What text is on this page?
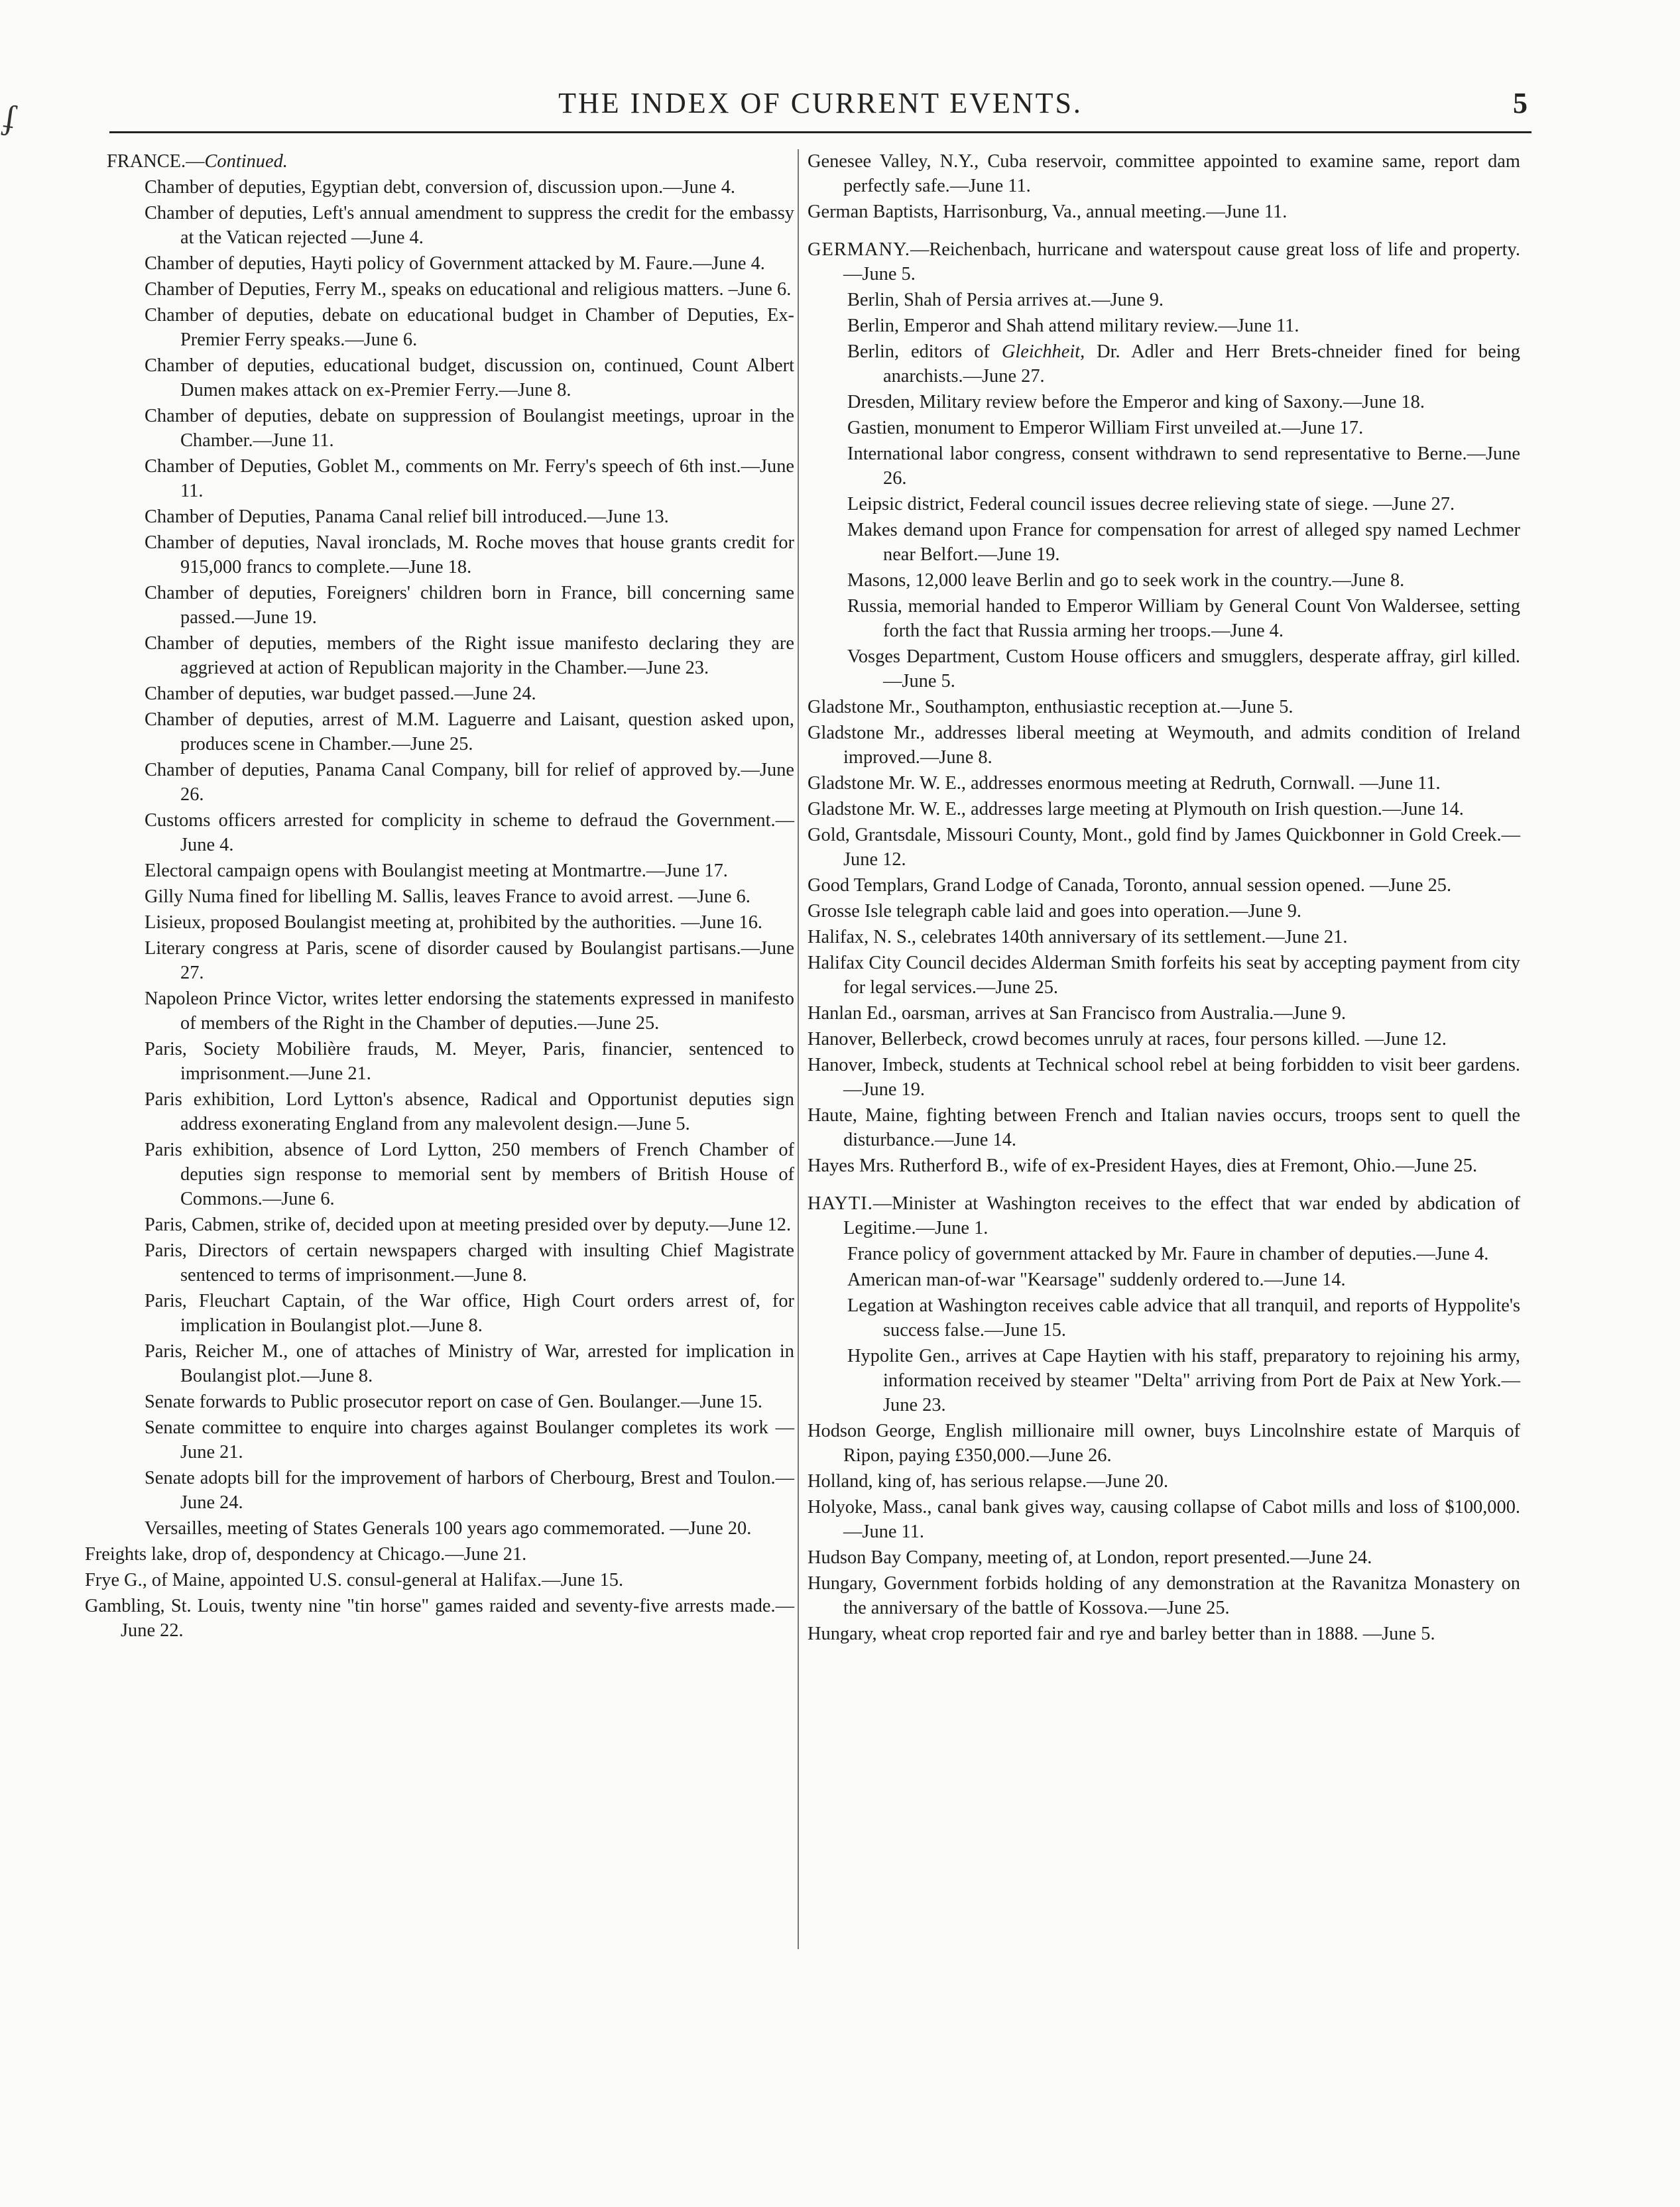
ʄ	THE INDEX OF CURRENT EVENTS.	5

FRANCE.—Continued.

Chamber of deputies, Egyptian debt, conversion of, discussion upon.—June 4.

Chamber of deputies, Left's annual amendment to suppress the credit for the embassy at the Vatican rejected —June 4.

Chamber of deputies, Hayti policy of Government attacked by M. Faure.—June 4.

Chamber of Deputies, Ferry M., speaks on educational and religious matters. –June 6.

Chamber of deputies, debate on educational budget in Chamber of Deputies, Ex-Premier Ferry speaks.—June 6.

Chamber of deputies, educational budget, discussion on, continued, Count Albert Dumen makes attack on ex-Premier Ferry.—June 8.

Chamber of deputies, debate on suppression of Boulangist meetings, uproar in the Chamber.—June 11.

Chamber of Deputies, Goblet M., comments on Mr. Ferry's speech of 6th inst.—June 11.

Chamber of Deputies, Panama Canal relief bill introduced.—June 13.

Chamber of deputies, Naval ironclads, M. Roche moves that house grants credit for 915,000 francs to complete.—June 18.

Chamber of deputies, Foreigners' children born in France, bill concerning same passed.—June 19.

Chamber of deputies, members of the Right issue manifesto declaring they are aggrieved at action of Republican majority in the Chamber.—June 23.

Chamber of deputies, war budget passed.—June 24.

Chamber of deputies, arrest of M.M. Laguerre and Laisant, question asked upon, produces scene in Chamber.—June 25.

Chamber of deputies, Panama Canal Company, bill for relief of approved by.—June 26.

Customs officers arrested for complicity in scheme to defraud the Government.—June 4.

Electoral campaign opens with Boulangist meeting at Montmartre.—June 17.

Gilly Numa fined for libelling M. Sallis, leaves France to avoid arrest. —June 6.

Lisieux, proposed Boulangist meeting at, prohibited by the authorities. —June 16.

Literary congress at Paris, scene of disorder caused by Boulangist partisans.—June 27.

Napoleon Prince Victor, writes letter endorsing the statements expressed in manifesto of members of the Right in the Chamber of deputies.—June 25.

Paris, Society Mobilière frauds, M. Meyer, Paris, financier, sentenced to imprisonment.—June 21.

Paris exhibition, Lord Lytton's absence, Radical and Opportunist deputies sign address exonerating England from any malevolent design.—June 5.

Paris exhibition, absence of Lord Lytton, 250 members of French Chamber of deputies sign response to memorial sent by members of British House of Commons.—June 6.

Paris, Cabmen, strike of, decided upon at meeting presided over by deputy.—June 12.

Paris, Directors of certain newspapers charged with insulting Chief Magistrate sentenced to terms of imprisonment.—June 8.

Paris, Fleuchart Captain, of the War office, High Court orders arrest of, for implication in Boulangist plot.—June 8.

Paris, Reicher M., one of attaches of Ministry of War, arrested for implication in Boulangist plot.—June 8.

Senate forwards to Public prosecutor report on case of Gen. Boulanger.—June 15.

Senate committee to enquire into charges against Boulanger completes its work —June 21.

Senate adopts bill for the improvement of harbors of Cherbourg, Brest and Toulon.—June 24.

Versailles, meeting of States Generals 100 years ago commemorated. —June 20.

Freights lake, drop of, despondency at Chicago.—June 21.

Frye G., of Maine, appointed U.S. consul-general at Halifax.—June 15.

Gambling, St. Louis, twenty nine "tin horse" games raided and seventy-five arrests made.—June 22.

Genesee Valley, N.Y., Cuba reservoir, committee appointed to examine same, report dam perfectly safe.—June 11.

German Baptists, Harrisonburg, Va., annual meeting.—June 11.

GERMANY.—Reichenbach, hurricane and waterspout cause great loss of life and property.—June 5.

Berlin, Shah of Persia arrives at.—June 9.

Berlin, Emperor and Shah attend military review.—June 11.

Berlin, editors of Gleichheit, Dr. Adler and Herr Brets-chneider fined for being anarchists.—June 27.

Dresden, Military review before the Emperor and king of Saxony.—June 18.

Gastien, monument to Emperor William First unveiled at.—June 17.

International labor congress, consent withdrawn to send representative to Berne.—June 26.

Leipsic district, Federal council issues decree relieving state of siege. —June 27.

Makes demand upon France for compensation for arrest of alleged spy named Lechmer near Belfort.—June 19.

Masons, 12,000 leave Berlin and go to seek work in the country.—June 8.

Russia, memorial handed to Emperor William by General Count Von Waldersee, setting forth the fact that Russia arming her troops.—June 4.

Vosges Department, Custom House officers and smugglers, desperate affray, girl killed.—June 5.

Gladstone Mr., Southampton, enthusiastic reception at.—June 5.

Gladstone Mr., addresses liberal meeting at Weymouth, and admits condition of Ireland improved.—June 8.

Gladstone Mr. W. E., addresses enormous meeting at Redruth, Cornwall. —June 11.

Gladstone Mr. W. E., addresses large meeting at Plymouth on Irish question.—June 14.

Gold, Grantsdale, Missouri County, Mont., gold find by James Quickbonner in Gold Creek.—June 12.

Good Templars, Grand Lodge of Canada, Toronto, annual session opened. —June 25.

Grosse Isle telegraph cable laid and goes into operation.—June 9.

Halifax, N. S., celebrates 140th anniversary of its settlement.—June 21.

Halifax City Council decides Alderman Smith forfeits his seat by accepting payment from city for legal services.—June 25.

Hanlan Ed., oarsman, arrives at San Francisco from Australia.—June 9.

Hanover, Bellerbeck, crowd becomes unruly at races, four persons killed. —June 12.

Hanover, Imbeck, students at Technical school rebel at being forbidden to visit beer gardens.—June 19.

Haute, Maine, fighting between French and Italian navies occurs, troops sent to quell the disturbance.—June 14.

Hayes Mrs. Rutherford B., wife of ex-President Hayes, dies at Fremont, Ohio.—June 25.

HAYTI.—Minister at Washington receives to the effect that war ended by abdication of Legitime.—June 1.

France policy of government attacked by Mr. Faure in chamber of deputies.—June 4.

American man-of-war "Kearsage" suddenly ordered to.—June 14.

Legation at Washington receives cable advice that all tranquil, and reports of Hyppolite's success false.—June 15.

Hypolite Gen., arrives at Cape Haytien with his staff, preparatory to rejoining his army, information received by steamer "Delta" arriving from Port de Paix at New York.—June 23.

Hodson George, English millionaire mill owner, buys Lincolnshire estate of Marquis of Ripon, paying £350,000.—June 26.

Holland, king of, has serious relapse.—June 20.

Holyoke, Mass., canal bank gives way, causing collapse of Cabot mills and loss of $100,000.—June 11.

Hudson Bay Company, meeting of, at London, report presented.—June 24.

Hungary, Government forbids holding of any demonstration at the Ravanitza Monastery on the anniversary of the battle of Kossova.—June 25.

Hungary, wheat crop reported fair and rye and barley better than in 1888. —June 5.
